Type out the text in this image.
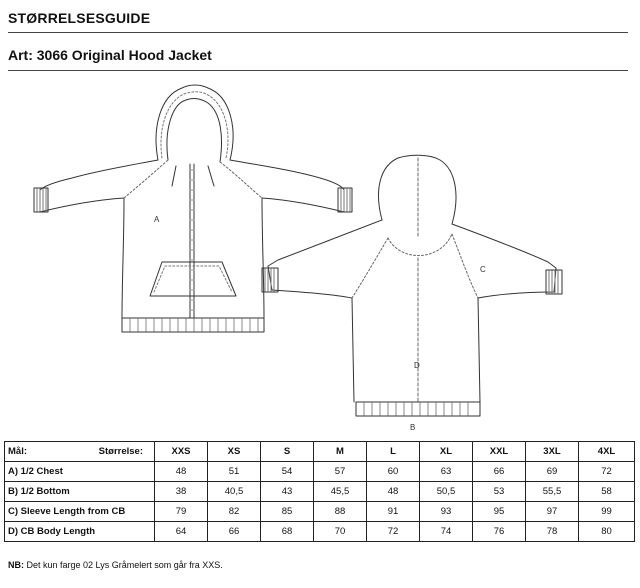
STØRRELSESGUIDE
Art: 3066 Original Hood Jacket
A
C
D
B
Mål: Størrelse:	XXS	XS	S	M	L	XL	XXL	3XL	4XL
A) 1/2 Chest	48	51	54	57	60	63	66	69	72
B) 1/2 Bottom	38	40,5	43	45,5	48	50,5	53	55,5	58
C) Sleeve Length from CB	79	82	85	88	91	93	95	97	99
D) CB Body Length	64	66	68	70	72	74	76	78	80
NB: Det kun farge 02 Lys Gråmelert som går fra XXS.
